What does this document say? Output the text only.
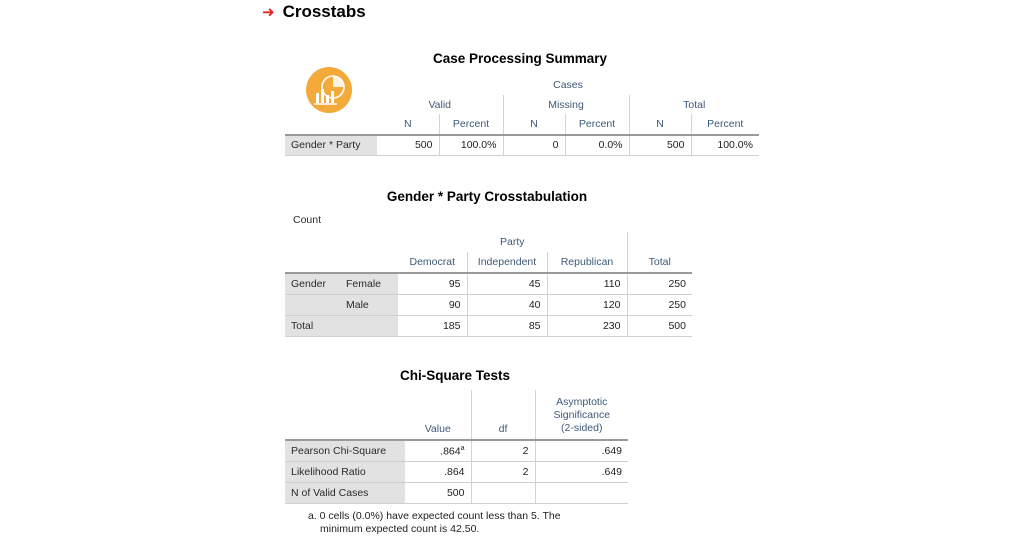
➜ Crosstabs
Case Processing Summary
	Cases					
	Valid		Missing		Total	
	N	Percent	N	Percent	N	Percent
Gender * Party	500	100.0%	0	0.0%	500	100.0%
Gender * Party Crosstabulation
Count
		Party			
		Democrat	Independent	Republican	Total
Gender	Female	95	45	110	250
	Male	90	40	120	250
Total		185	85	230	500
Chi-Square Tests
	Value	df	Asymptotic
Significance
(2-sided)

Pearson Chi-Square	.864$^a$	2	.649
Likelihood Ratio	.864	2	.649
N of Valid Cases	500		
a. 0 cells (0.0%) have expected count less than 5. The
minimum expected count is 42.50.
